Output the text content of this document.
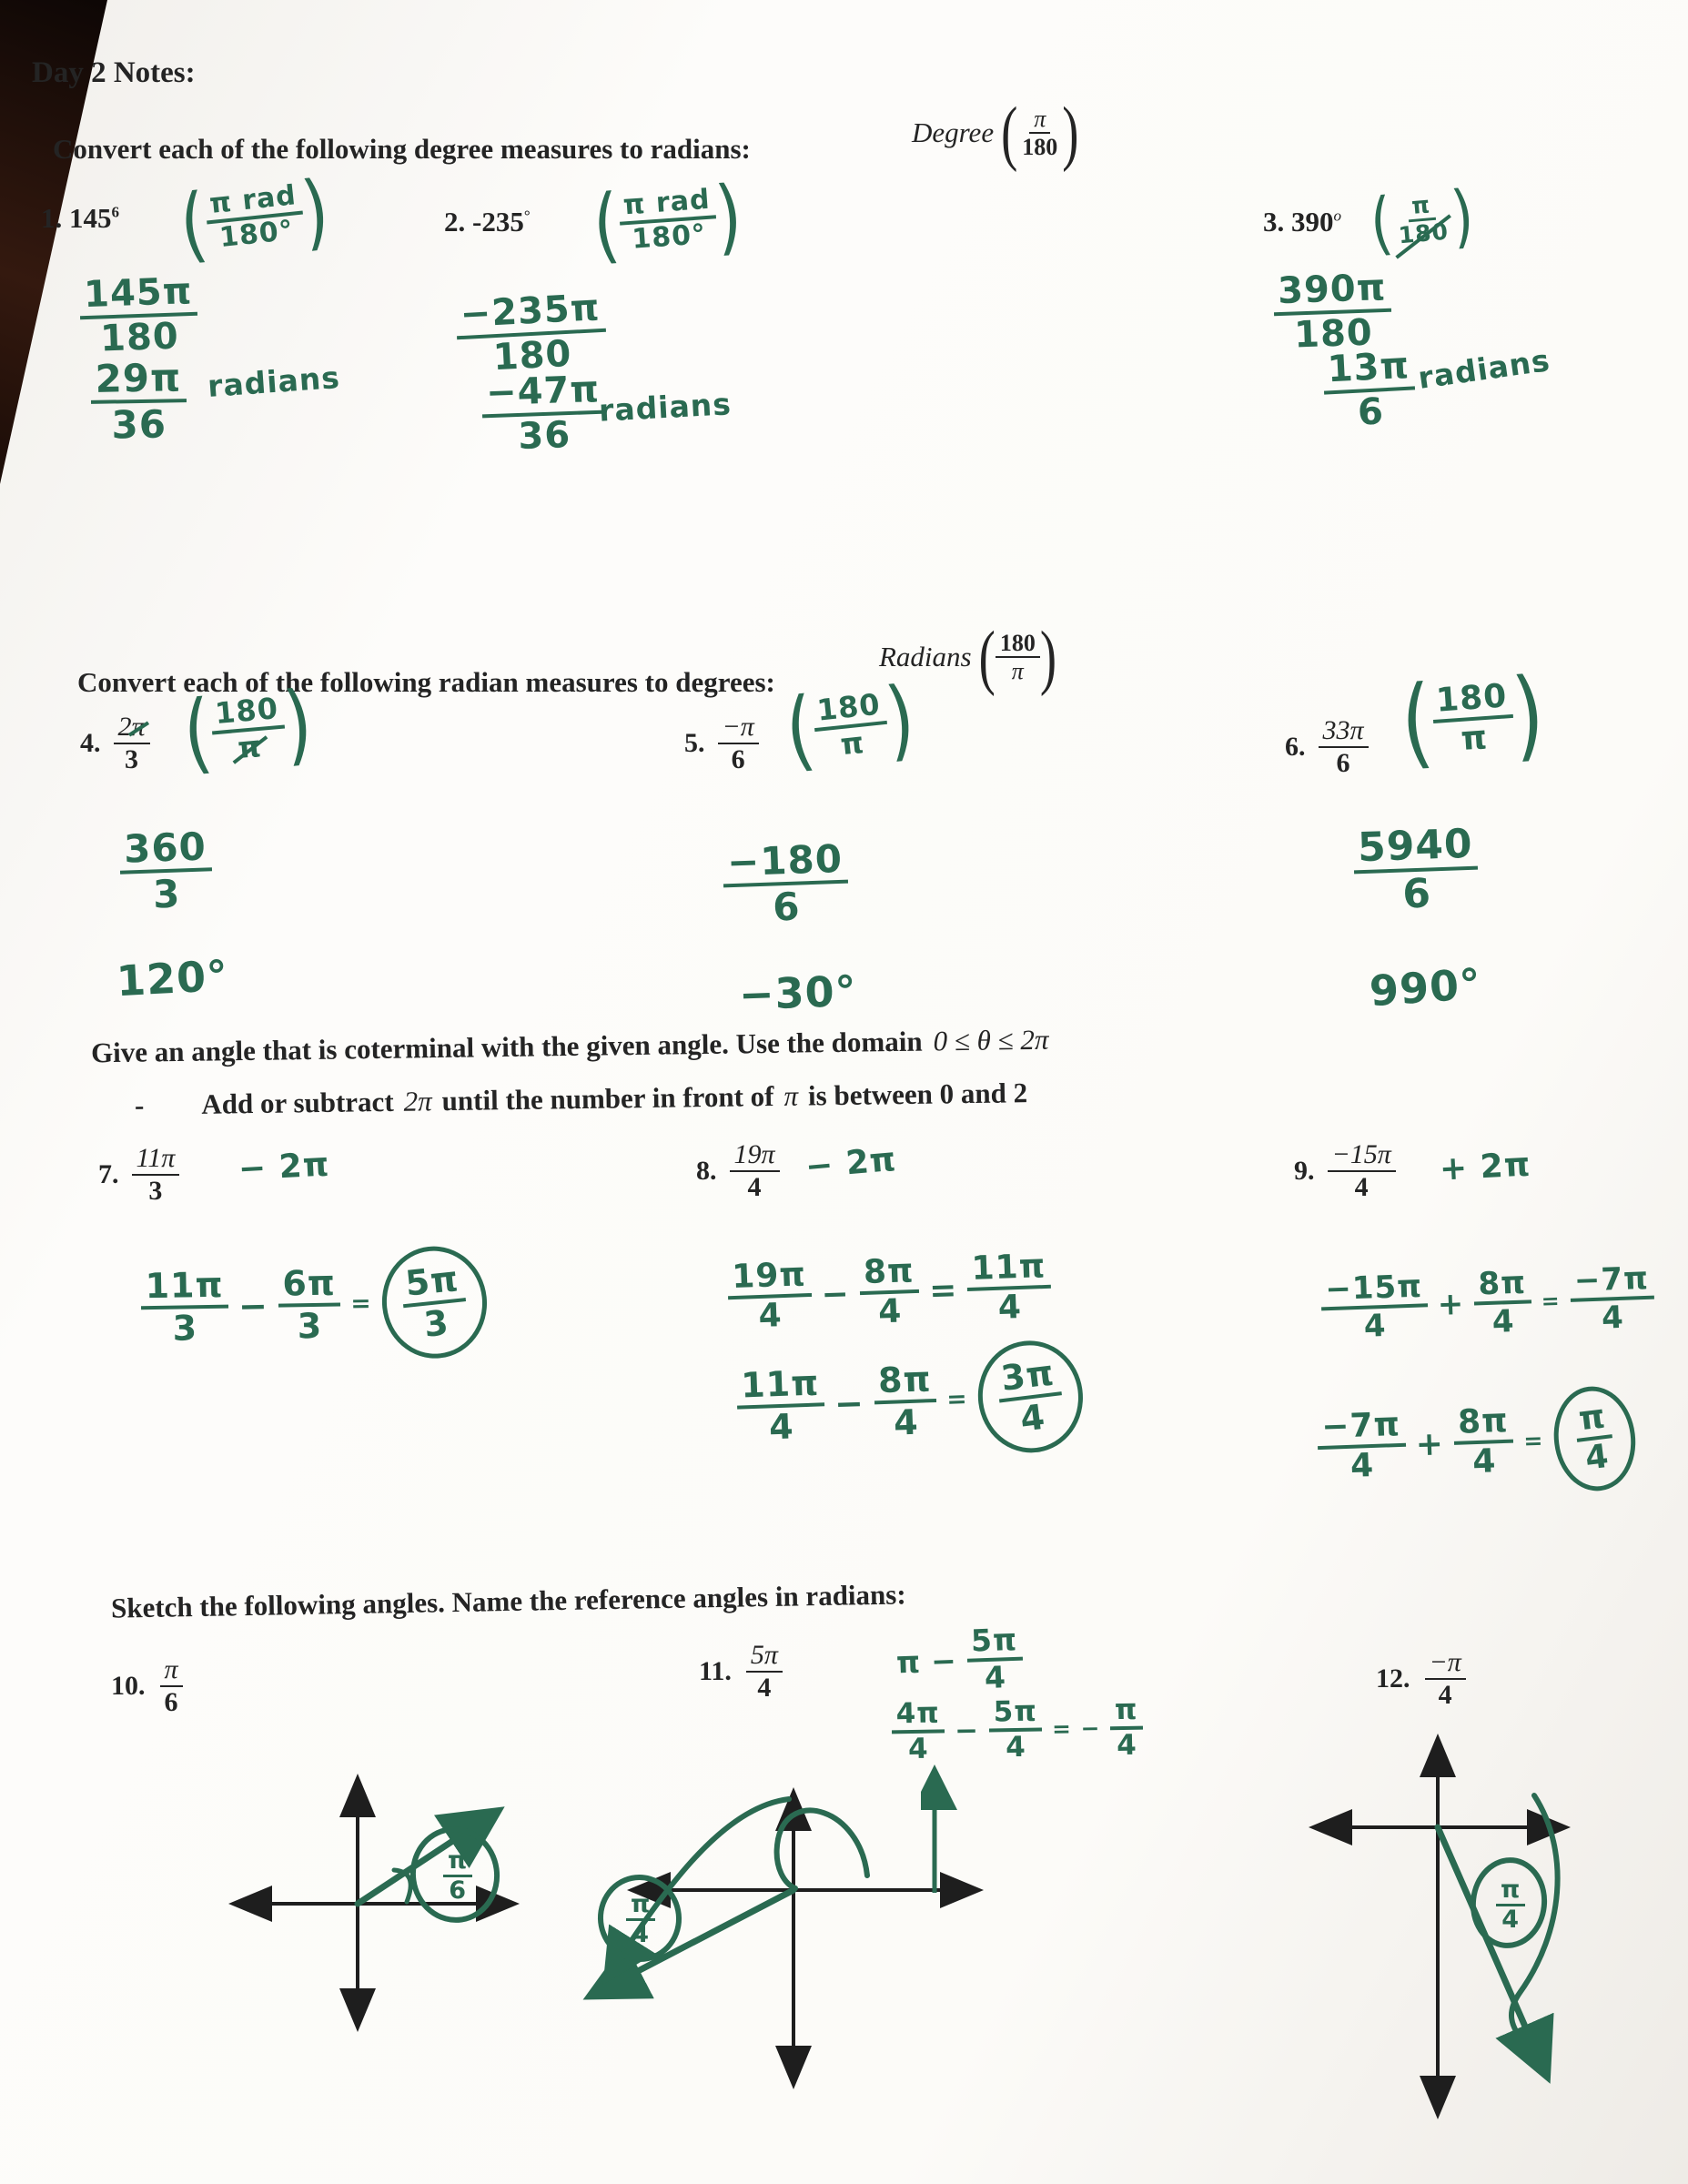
Day 2 Notes:
Convert each of the following degree measures to radians:
Degree ( $\frac{\pi}{180}$ )
1. $145^6$ (
π rad
180° )
$\frac{145\pi}{180}$
$\frac{29\pi}{36}$ radians
2. -235° (
π rad
180° )
$\frac{-235\pi}{180}$
$\frac{-47\pi}{36}$
radians
3. 390$^o$ (
$\frac{\pi}{180}$
)
$\frac{390\pi}{180}$
$\frac{13\pi}{6}$
radians
Convert each of the following radian measures to degrees:
Radians ( $\frac{180}{\pi}$ )
4. $\frac{2\pi}{3}$ (
$\frac{180}{\pi}$
)
$\frac{360}{3}$
120°
5. $\frac{-\pi}{6}$ (
$\frac{180}{\pi}$
)
$\frac{-180}{6}$
−30°
6. $\frac{33\pi}{6}$ (
$\frac{180}{\pi}$
)
$\frac{5940}{6}$
990°
Give an angle that is coterminal with the given angle. Use the domain 0 ≤ θ ≤ 2π
-	Add or subtract 2π until the number in front of π is between 0 and 2
7. $\frac{11\pi}{3} - 2\pi$
$\frac{11\pi}{3} - \frac{6\pi}{3} = \frac{5\pi}{3}$
8. $\frac{19\pi}{4} - 2\pi$
$\frac{19\pi}{4} - \frac{8\pi}{4} = \frac{11\pi}{4}$
$\frac{11\pi}{4} - \frac{8\pi}{4} = \frac{3\pi}{4}$
9. $\frac{-15\pi}{4} + 2\pi$
$\frac{-15\pi}{4} + \frac{8\pi}{4} = \frac{-7\pi}{4}$
$\frac{-7\pi}{4} + \frac{8\pi}{4} = \frac{\pi}{4}$
Sketch the following angles. Name the reference angles in radians:
10. $\frac{\pi}{6}$	11. $\frac{5\pi}{4}$	$\pi - \frac{5\pi}{4}$
$\frac{4\pi}{4} - \frac{5\pi}{4}$ = − $\frac{\pi}{4}$
12. $\frac{-\pi}{4}$
$\frac{\pi}{6}$
$\frac{\pi}{4}$	$\frac{\pi}{4}$
